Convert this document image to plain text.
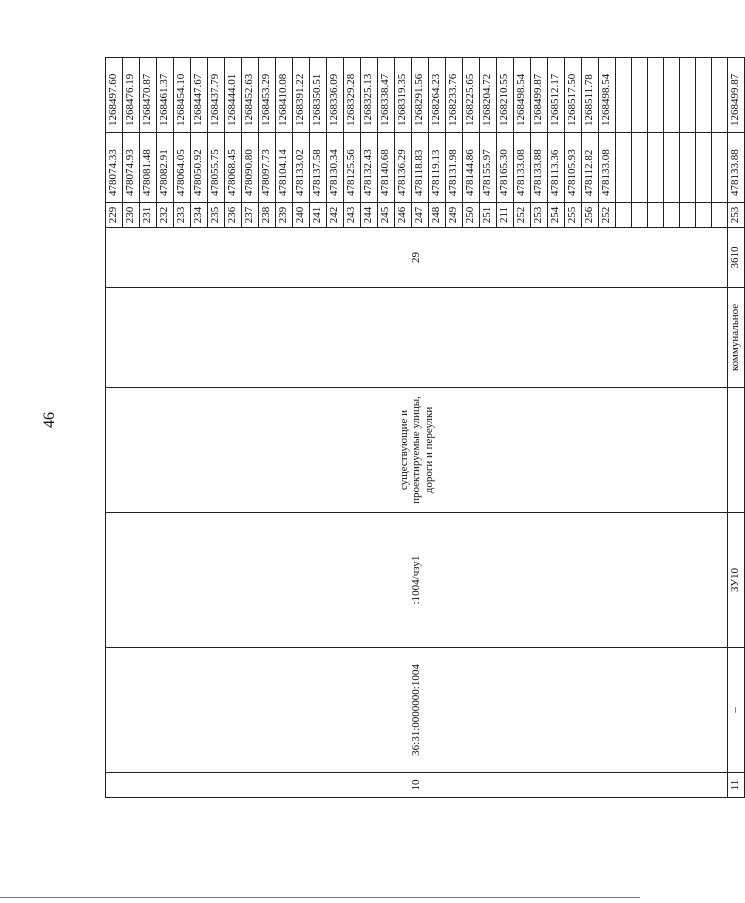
46
10	36:31:0000000:1004	:1004/чзу1	существующие и проектируемые улицы, дороги и переулки		29	229	478074.33	1268497.60
						230	478074.93	1268476.19
						231	478081.48	1268470.87
						232	478082.91	1268461.37
						233	478064.05	1268454.10
						234	478050.92	1268447.67
						235	478055.75	1268437.79
						236	478068.45	1268444.01
						237	478090.80	1268452.63
						238	478097.73	1268453.29
						239	478104.14	1268410.08
						240	478133.02	1268391.22
						241	478137.58	1268350.51
						242	478130.34	1268336.09
						243	478125.56	1268329.28
						244	478132.43	1268325.13
						245	478140.68	1268338.47
						246	478136.29	1268319.35
						247	478118.83	1268291.56
						248	478119.13	1268264.23
						249	478131.98	1268233.76
						250	478144.86	1268225.65
						251	478155.97	1268204.72
						211	478165.30	1268210.55
						252	478133.08	1268498.54
						253	478133.88	1268499.87
						254	478113.36	1268512.17
						255	478105.93	1268517.50
						256	478112.82	1268511.78
						252	478133.08	1268498.54

11	–	ЗУ10		коммунальное	3610	253	478133.88	1268499.87
